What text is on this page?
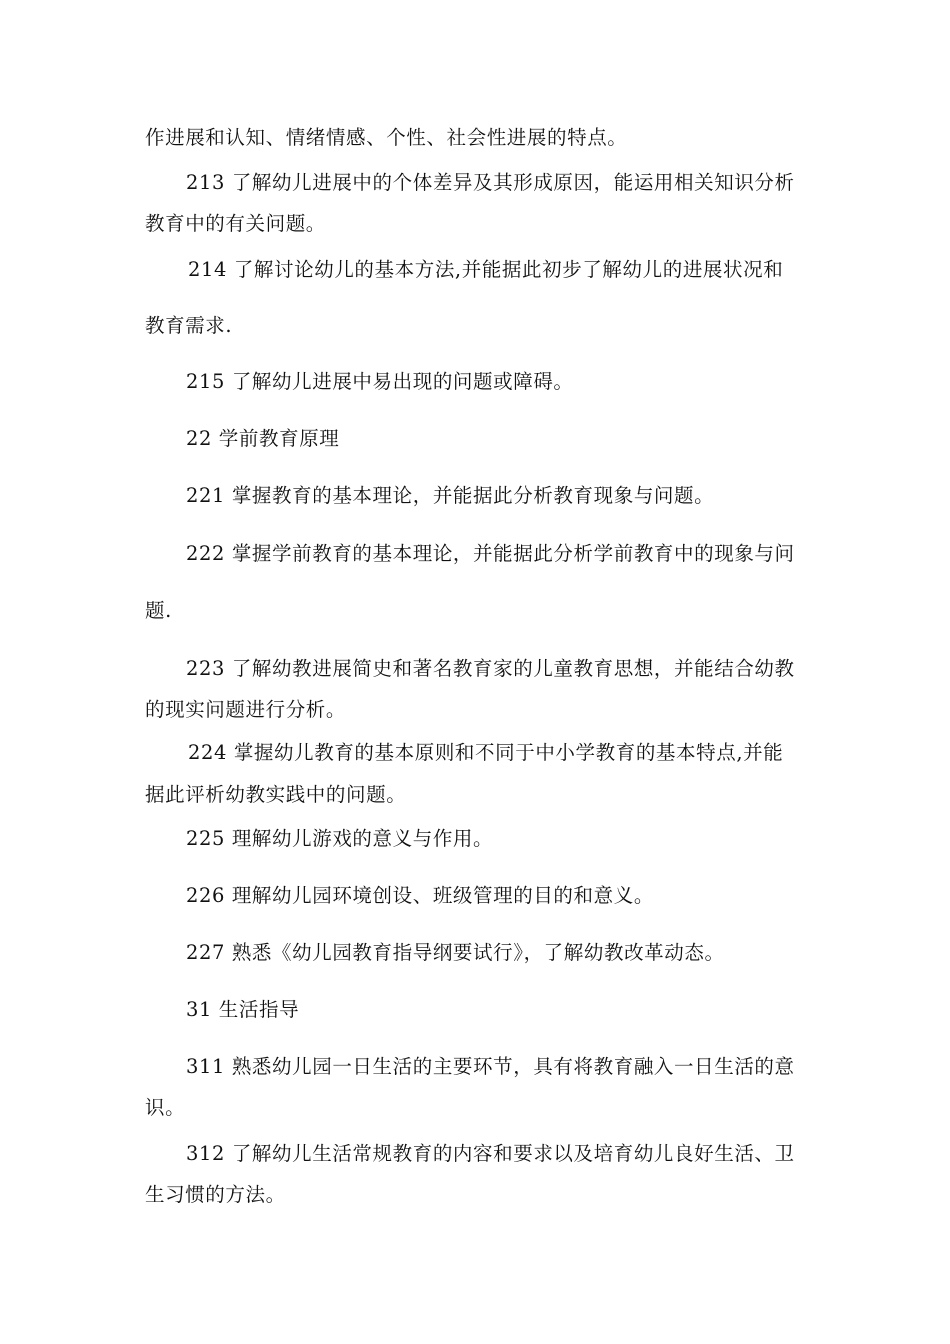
作进展和认知、情绪情感、个性、社会性进展的特点。
213 了解幼儿进展中的个体差异及其形成原因，能运用相关知识分析
教育中的有关问题。
214 了解讨论幼儿的基本方法,并能据此初步了解幼儿的进展状况和
教育需求.
215 了解幼儿进展中易出现的问题或障碍。
22 学前教育原理
221 掌握教育的基本理论，并能据此分析教育现象与问题。
222 掌握学前教育的基本理论，并能据此分析学前教育中的现象与问
题.
223 了解幼教进展简史和著名教育家的儿童教育思想，并能结合幼教
的现实问题进行分析。
224 掌握幼儿教育的基本原则和不同于中小学教育的基本特点,并能
据此评析幼教实践中的问题。
225 理解幼儿游戏的意义与作用。
226 理解幼儿园环境创设、班级管理的目的和意义。
227 熟悉《幼儿园教育指导纲要试行》，了解幼教改革动态。
31 生活指导
311 熟悉幼儿园一日生活的主要环节，具有将教育融入一日生活的意
识。
312 了解幼儿生活常规教育的内容和要求以及培育幼儿良好生活、卫
生习惯的方法。
